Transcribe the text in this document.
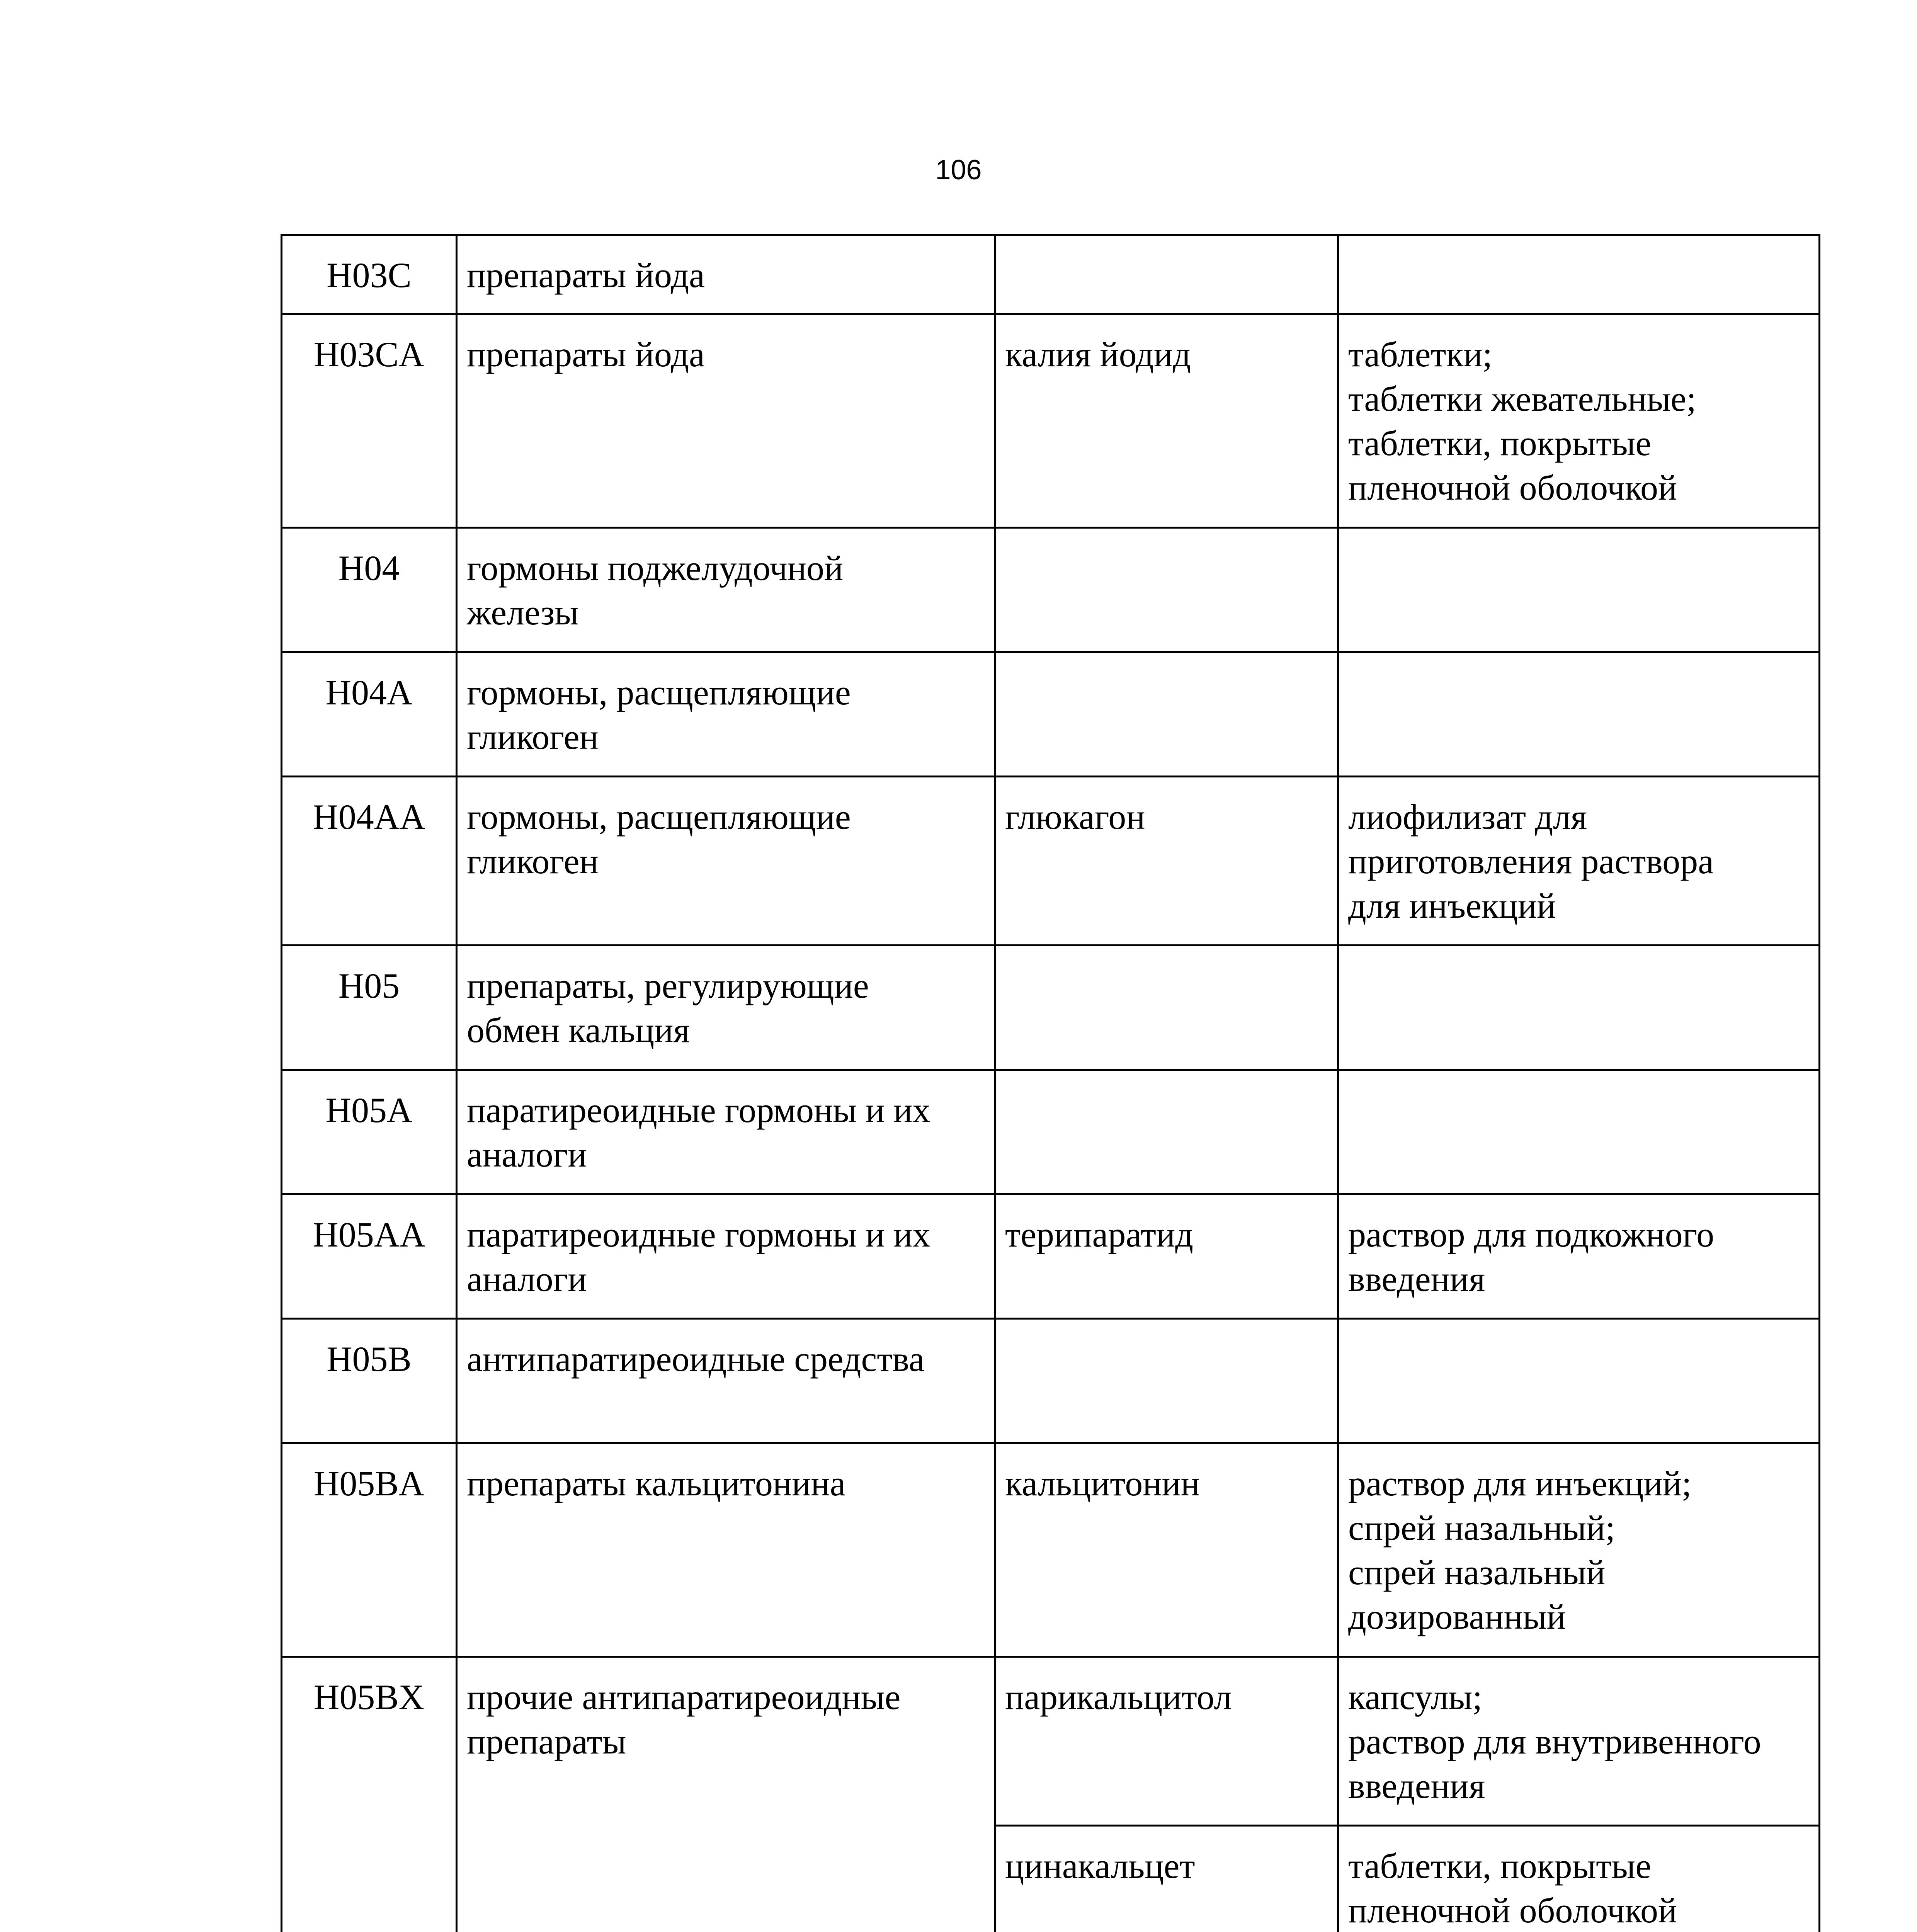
106
H03C	препараты йода		
H03CA	препараты йода	калия йодид	таблетки;
таблетки жевательные;
таблетки, покрытые
пленочной оболочкой
H04	гормоны поджелудочной
железы		
H04A	гормоны, расщепляющие
гликоген		
H04AA	гормоны, расщепляющие
гликоген	глюкагон	лиофилизат для
приготовления раствора
для инъекций
H05	препараты, регулирующие
обмен кальция		
H05A	паратиреоидные гормоны и их
аналоги		
H05AA	паратиреоидные гормоны и их
аналоги	терипаратид	раствор для подкожного
введения
H05B	антипаратиреоидные средства		
H05BA	препараты кальцитонина	кальцитонин	раствор для инъекций;
спрей назальный;
спрей назальный
дозированный
H05BX	прочие антипаратиреоидные
препараты	парикальцитол	капсулы;
раствор для внутривенного
введения
		цинакальцет	таблетки, покрытые
пленочной оболочкой
